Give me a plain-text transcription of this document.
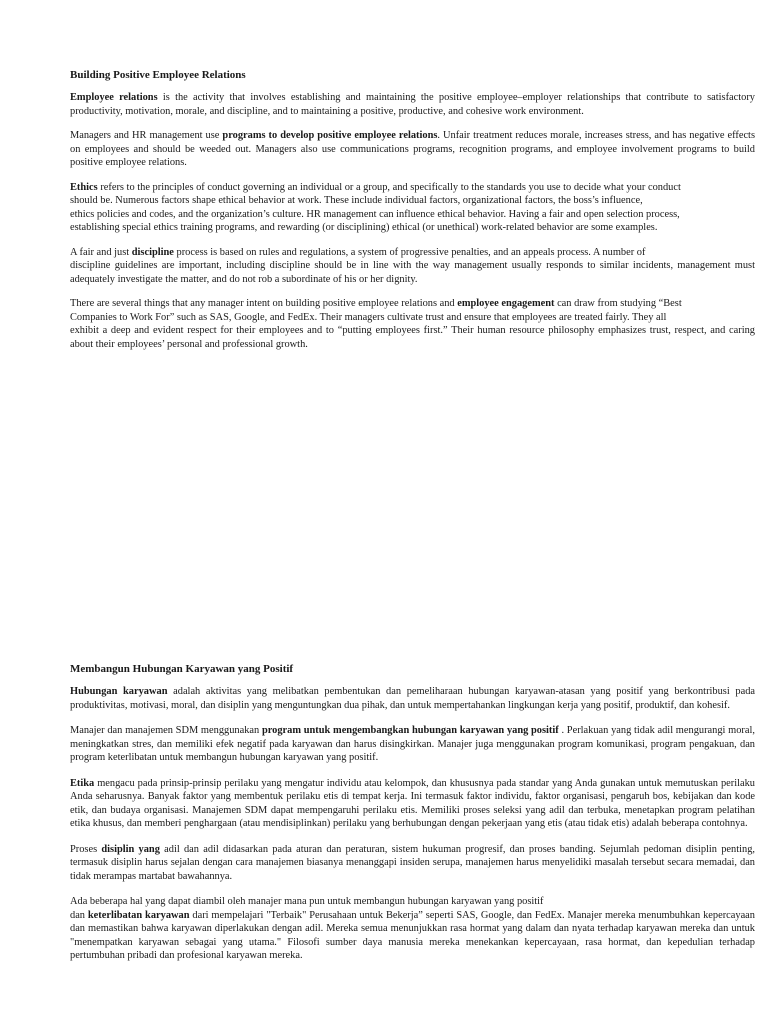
Building Positive Employee Relations

Employee relations is the activity that involves establishing and maintaining the positive employee–employer relationships that contribute to satisfactory productivity, motivation, morale, and discipline, and to maintaining a positive, productive, and cohesive work environment.

Managers and HR management use programs to develop positive employee relations. Unfair treatment reduces morale, increases stress, and has negative effects on employees and should be weeded out. Managers also use communications programs, recognition programs, and employee involvement programs to build positive employee relations.

Ethics refers to the principles of conduct governing an individual or a group, and specifically to the standards you use to decide what your conduct
should be. Numerous factors shape ethical behavior at work. These include individual factors, organizational factors, the boss’s influence,
ethics policies and codes, and the organization’s culture. HR management can influence ethical behavior. Having a fair and open selection process,
establishing special ethics training programs, and rewarding (or disciplining) ethical (or unethical) work-related behavior are some examples.

A fair and just discipline process is based on rules and regulations, a system of progressive penalties, and an appeals process. A number of
discipline guidelines are important, including discipline should be in line with the way management usually responds to similar incidents, management must adequately investigate the matter, and do not rob a subordinate of his or her dignity.

There are several things that any manager intent on building positive employee relations and employee engagement can draw from studying “Best
Companies to Work For” such as SAS, Google, and FedEx. Their managers cultivate trust and ensure that employees are treated fairly. They all
exhibit a deep and evident respect for their employees and to “putting employees first.” Their human resource philosophy emphasizes trust, respect, and caring about their employees’ personal and professional growth.

Membangun Hubungan Karyawan yang Positif

Hubungan karyawan adalah aktivitas yang melibatkan pembentukan dan pemeliharaan hubungan karyawan-atasan yang positif yang berkontribusi pada produktivitas, motivasi, moral, dan disiplin yang menguntungkan dua pihak, dan untuk mempertahankan lingkungan kerja yang positif, produktif, dan kohesif.

Manajer dan manajemen SDM menggunakan program untuk mengembangkan hubungan karyawan yang positif . Perlakuan yang tidak adil mengurangi moral, meningkatkan stres, dan memiliki efek negatif pada karyawan dan harus disingkirkan. Manajer juga menggunakan program komunikasi, program pengakuan, dan program keterlibatan untuk membangun hubungan karyawan yang positif.

Etika mengacu pada prinsip-prinsip perilaku yang mengatur individu atau kelompok, dan khususnya pada standar yang Anda gunakan untuk memutuskan perilaku Anda seharusnya. Banyak faktor yang membentuk perilaku etis di tempat kerja. Ini termasuk faktor individu, faktor organisasi, pengaruh bos, kebijakan dan kode etik, dan budaya organisasi. Manajemen SDM dapat mempengaruhi perilaku etis. Memiliki proses seleksi yang adil dan terbuka, menetapkan program pelatihan etika khusus, dan memberi penghargaan (atau mendisiplinkan) perilaku yang berhubungan dengan pekerjaan yang etis (atau tidak etis) adalah beberapa contohnya.

Proses disiplin yang adil dan adil didasarkan pada aturan dan peraturan, sistem hukuman progresif, dan proses banding. Sejumlah pedoman disiplin penting, termasuk disiplin harus sejalan dengan cara manajemen biasanya menanggapi insiden serupa, manajemen harus menyelidiki masalah tersebut secara memadai, dan tidak merampas martabat bawahannya.

Ada beberapa hal yang dapat diambil oleh manajer mana pun untuk membangun hubungan karyawan yang positif
dan keterlibatan karyawan dari mempelajari "Terbaik" Perusahaan untuk Bekerja” seperti SAS, Google, dan FedEx. Manajer mereka menumbuhkan kepercayaan dan memastikan bahwa karyawan diperlakukan dengan adil. Mereka semua menunjukkan rasa hormat yang dalam dan nyata terhadap karyawan mereka dan untuk "menempatkan karyawan sebagai yang utama." Filosofi sumber daya manusia mereka menekankan kepercayaan, rasa hormat, dan kepedulian terhadap pertumbuhan pribadi dan profesional karyawan mereka.
